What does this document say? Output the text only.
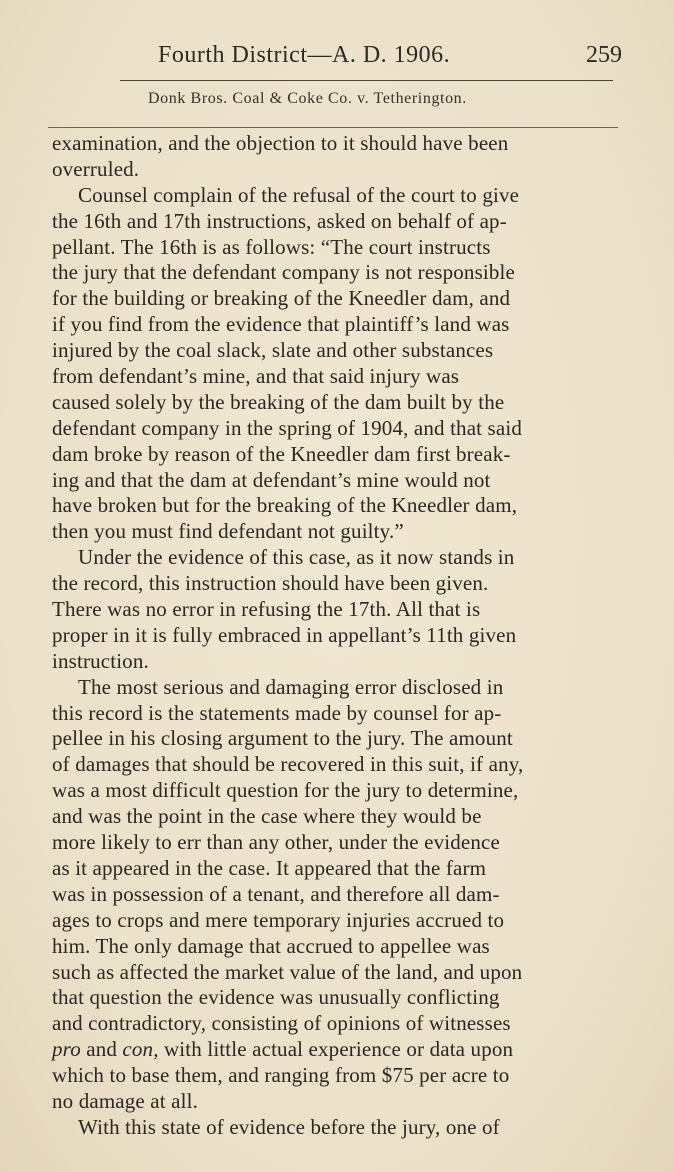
Fourth District—A. D. 1906.	259
Donk Bros. Coal & Coke Co. v. Tetherington.
examination, and the objection to it should have been
overruled.
Counsel complain of the refusal of the court to give
the 16th and 17th instructions, asked on behalf of ap-
pellant. The 16th is as follows: “The court instructs
the jury that the defendant company is not responsible
for the building or breaking of the Kneedler dam, and
if you find from the evidence that plaintiff’s land was
injured by the coal slack, slate and other substances
from defendant’s mine, and that said injury was
caused solely by the breaking of the dam built by the
defendant company in the spring of 1904, and that said
dam broke by reason of the Kneedler dam first break-
ing and that the dam at defendant’s mine would not
have broken but for the breaking of the Kneedler dam,
then you must find defendant not guilty.”
Under the evidence of this case, as it now stands in
the record, this instruction should have been given.
There was no error in refusing the 17th. All that is
proper in it is fully embraced in appellant’s 11th given
instruction.
The most serious and damaging error disclosed in
this record is the statements made by counsel for ap-
pellee in his closing argument to the jury. The amount
of damages that should be recovered in this suit, if any,
was a most difficult question for the jury to determine,
and was the point in the case where they would be
more likely to err than any other, under the evidence
as it appeared in the case. It appeared that the farm
was in possession of a tenant, and therefore all dam-
ages to crops and mere temporary injuries accrued to
him. The only damage that accrued to appellee was
such as affected the market value of the land, and upon
that question the evidence was unusually conflicting
and contradictory, consisting of opinions of witnesses
pro and con, with little actual experience or data upon
which to base them, and ranging from $75 per acre to
no damage at all.
With this state of evidence before the jury, one of
